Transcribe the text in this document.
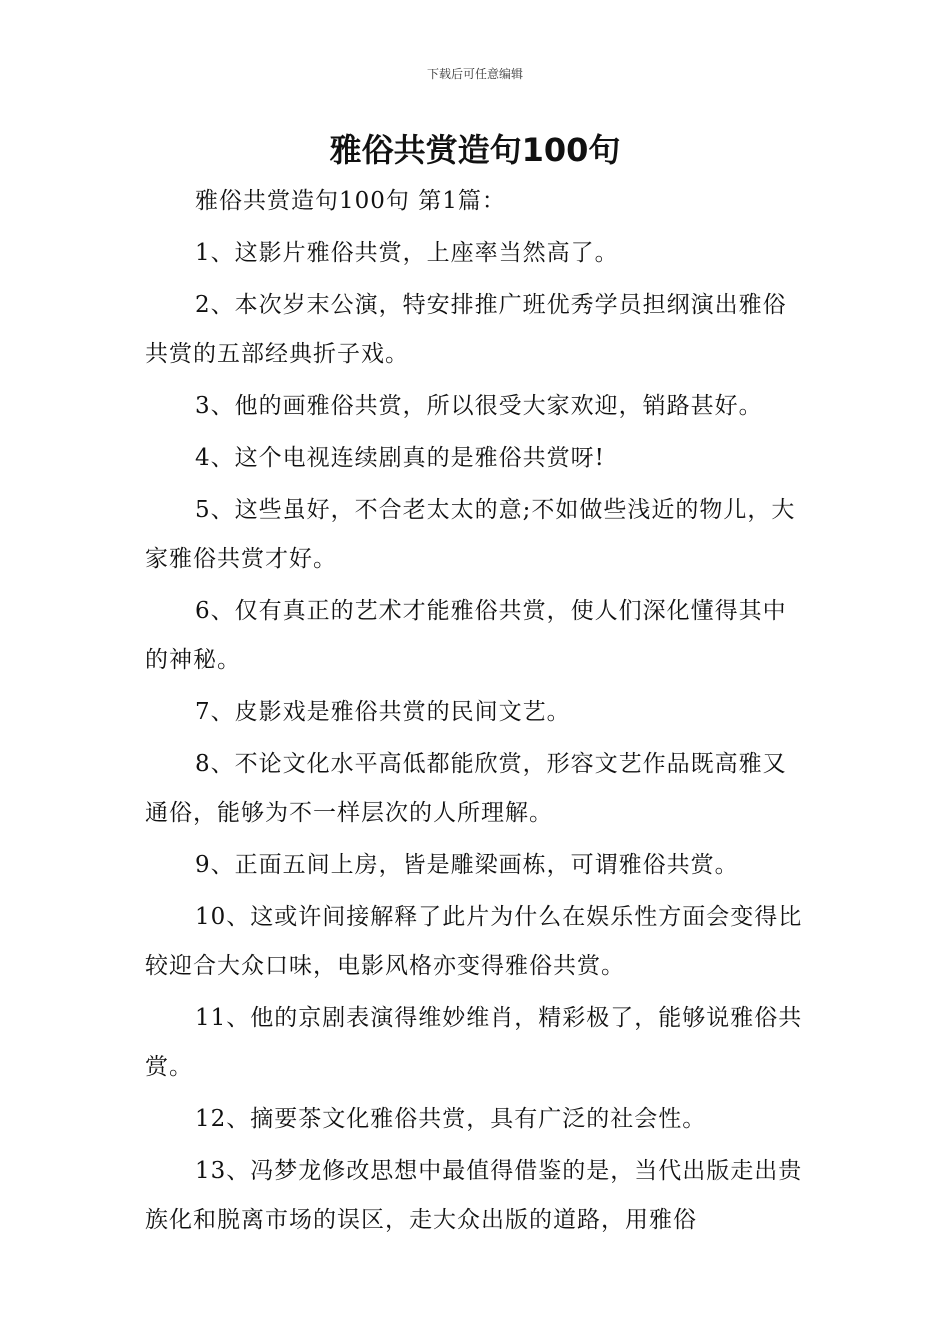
下载后可任意编辑
雅俗共赏造句100句

雅俗共赏造句100句 第1篇：

1、这影片雅俗共赏，上座率当然高了。

2、本次岁末公演，特安排推广班优秀学员担纲演出雅俗共赏的五部经典折子戏。

3、他的画雅俗共赏，所以很受大家欢迎，销路甚好。

4、这个电视连续剧真的是雅俗共赏呀!

5、这些虽好，不合老太太的意;不如做些浅近的物儿，大家雅俗共赏才好。

6、仅有真正的艺术才能雅俗共赏，使人们深化懂得其中的神秘。

7、皮影戏是雅俗共赏的民间文艺。

8、不论文化水平高低都能欣赏，形容文艺作品既高雅又通俗，能够为不一样层次的人所理解。

9、正面五间上房，皆是雕梁画栋，可谓雅俗共赏。

10、这或许间接解释了此片为什么在娱乐性方面会变得比较迎合大众口味，电影风格亦变得雅俗共赏。

11、他的京剧表演得维妙维肖，精彩极了，能够说雅俗共赏。

12、摘要茶文化雅俗共赏，具有广泛的社会性。

13、冯梦龙修改思想中最值得借鉴的是，当代出版走出贵族化和脱离市场的误区，走大众出版的道路，用雅俗
